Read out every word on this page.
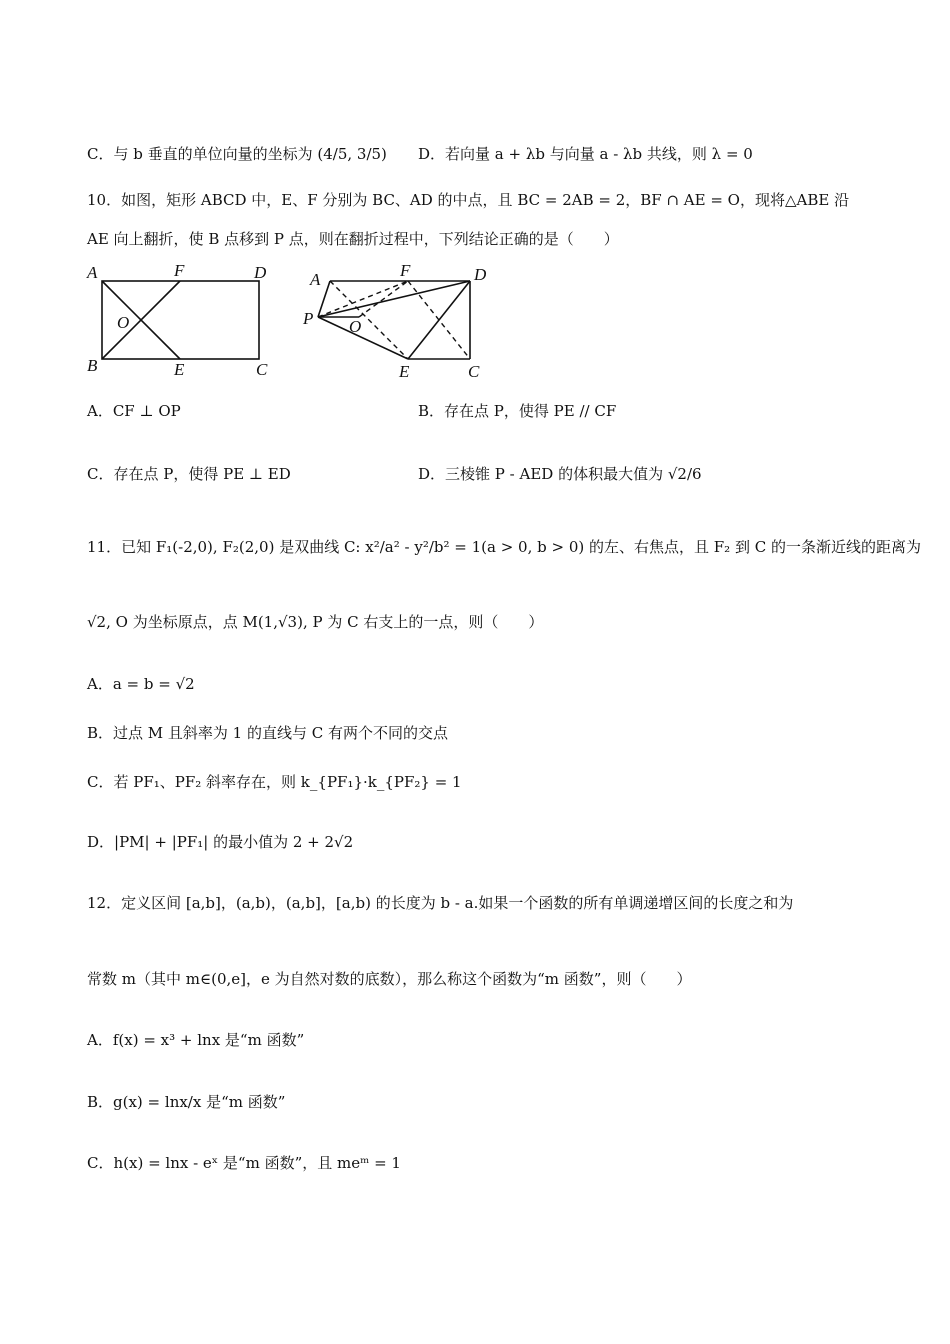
C．与 b 垂直的单位向量的坐标为 (4/5, 3/5) D．若向量 a + λb 与向量 a - λb 共线，则 λ = 0
10．如图，矩形 ABCD 中，E、F 分别为 BC、AD 的中点，且 BC = 2AB = 2，BF ∩ AE = O，现将△ABE 沿
AE 向上翻折，使 B 点移到 P 点，则在翻折过程中，下列结论正确的是（　　）
A	F	D
O
B	E	C
A	F	D
P O
E	C
A．CF ⊥ OP	B．存在点 P，使得 PE // CF
C．存在点 P，使得 PE ⊥ ED	D．三棱锥 P - AED 的体积最大值为 √2/6
11．已知 F₁(-2,0), F₂(2,0) 是双曲线 C: x²/a² - y²/b² = 1(a > 0, b > 0) 的左、右焦点，且 F₂ 到 C 的一条渐近线的距离为
√2, O 为坐标原点，点 M(1,√3), P 为 C 右支上的一点，则（　　）
A．a = b = √2
B．过点 M 且斜率为 1 的直线与 C 有两个不同的交点
C．若 PF₁、PF₂ 斜率存在，则 k_{PF₁}·k_{PF₂} = 1
D．|PM| + |PF₁| 的最小值为 2 + 2√2
12．定义区间 [a,b]，(a,b)，(a,b]，[a,b) 的长度为 b - a.如果一个函数的所有单调递增区间的长度之和为
常数 m（其中 m∈(0,e]，e 为自然对数的底数），那么称这个函数为“m 函数”，则（　　）
A．f(x) = x³ + lnx 是“m 函数”
B．g(x) = lnx/x 是“m 函数”
C．h(x) = lnx - eˣ 是“m 函数”，且 meᵐ = 1
